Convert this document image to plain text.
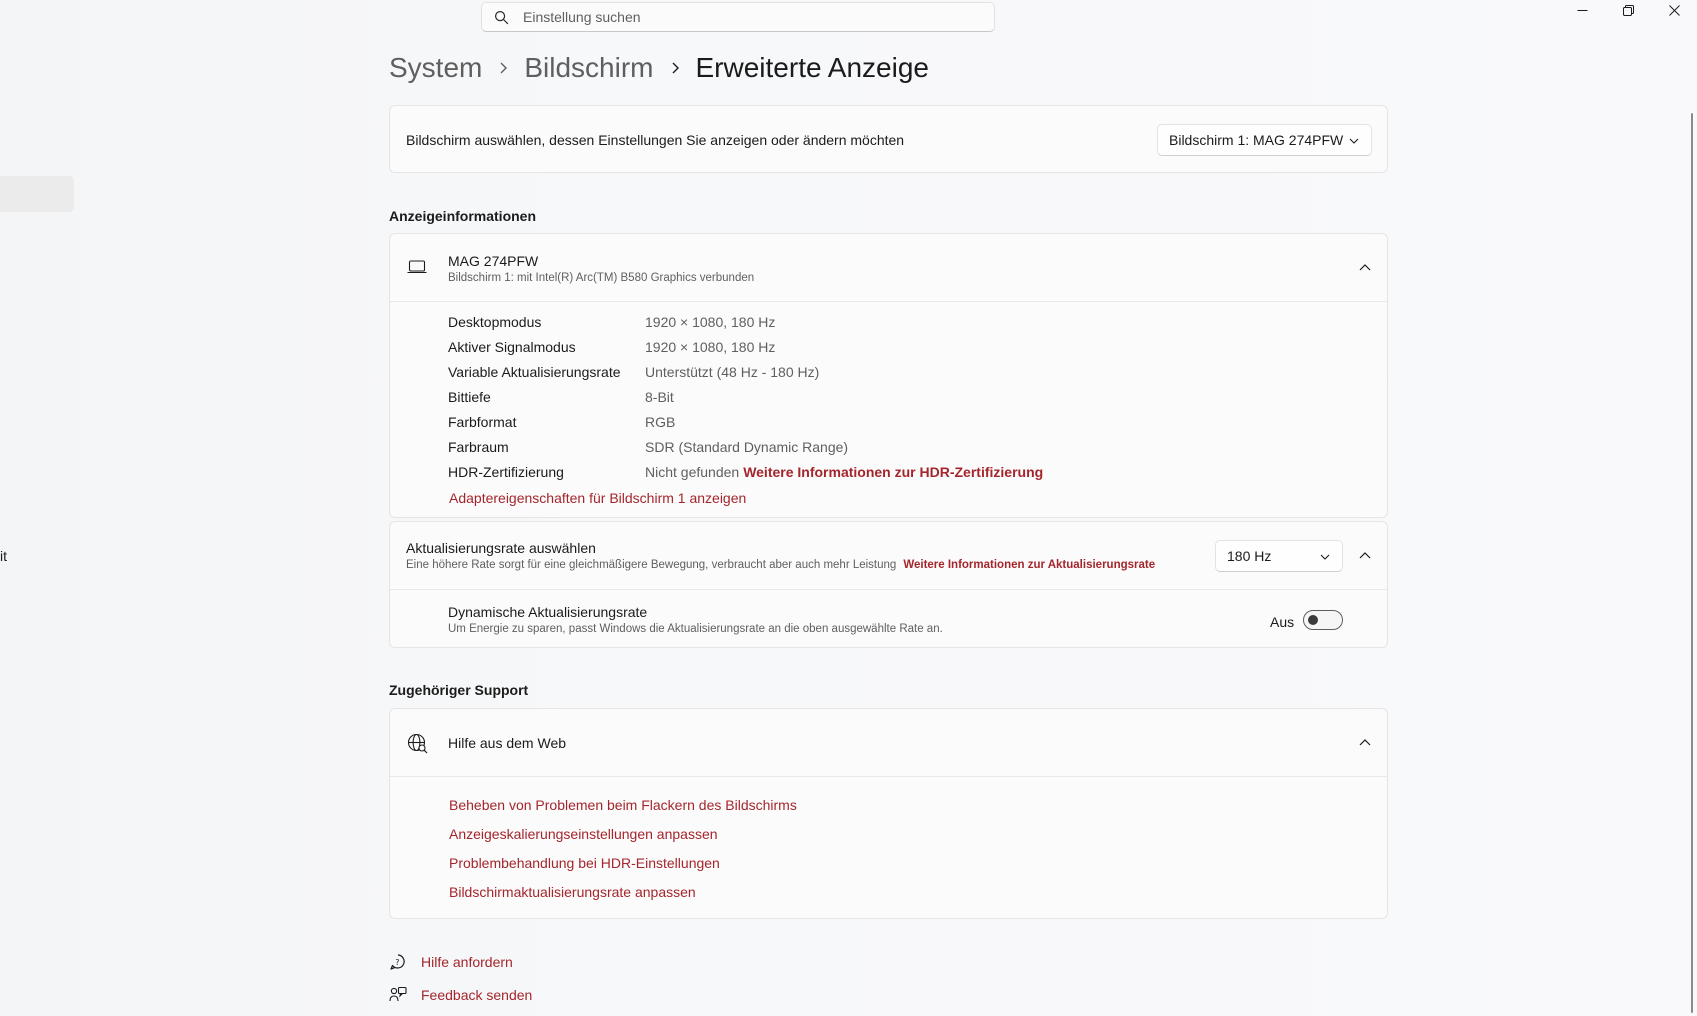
it
Einstellung suchen
System Bildschirm Erweiterte Anzeige
Bildschirm auswählen, dessen Einstellungen Sie anzeigen oder ändern möchten	Bildschirm 1: MAG 274PFW
Anzeigeinformationen
MAG 274PFW
Bildschirm 1: mit Intel(R) Arc(TM) B580 Graphics verbunden
Desktopmodus	1920 × 1080, 180 Hz
Aktiver Signalmodus	1920 × 1080, 180 Hz
Variable Aktualisierungsrate	Unterstützt (48 Hz - 180 Hz)
Bittiefe	8-Bit
Farbformat	RGB
Farbraum	SDR (Standard Dynamic Range)
HDR-Zertifizierung	Nicht gefunden Weitere Informationen zur HDR-Zertifizierung
Adaptereigenschaften für Bildschirm 1 anzeigen
Aktualisierungsrate auswählen
Eine höhere Rate sorgt für eine gleichmäßigere Bewegung, verbraucht aber auch mehr Leistung Weitere Informationen zur Aktualisierungsrate
180 Hz
Dynamische Aktualisierungsrate
Um Energie zu sparen, passt Windows die Aktualisierungsrate an die oben ausgewählte Rate an.	Aus
Zugehöriger Support
Hilfe aus dem Web
Beheben von Problemen beim Flackern des Bildschirms
Anzeigeskalierungseinstellungen anpassen
Problembehandlung bei HDR-Einstellungen
Bildschirmaktualisierungsrate anpassen
? Hilfe anfordern
Feedback senden
